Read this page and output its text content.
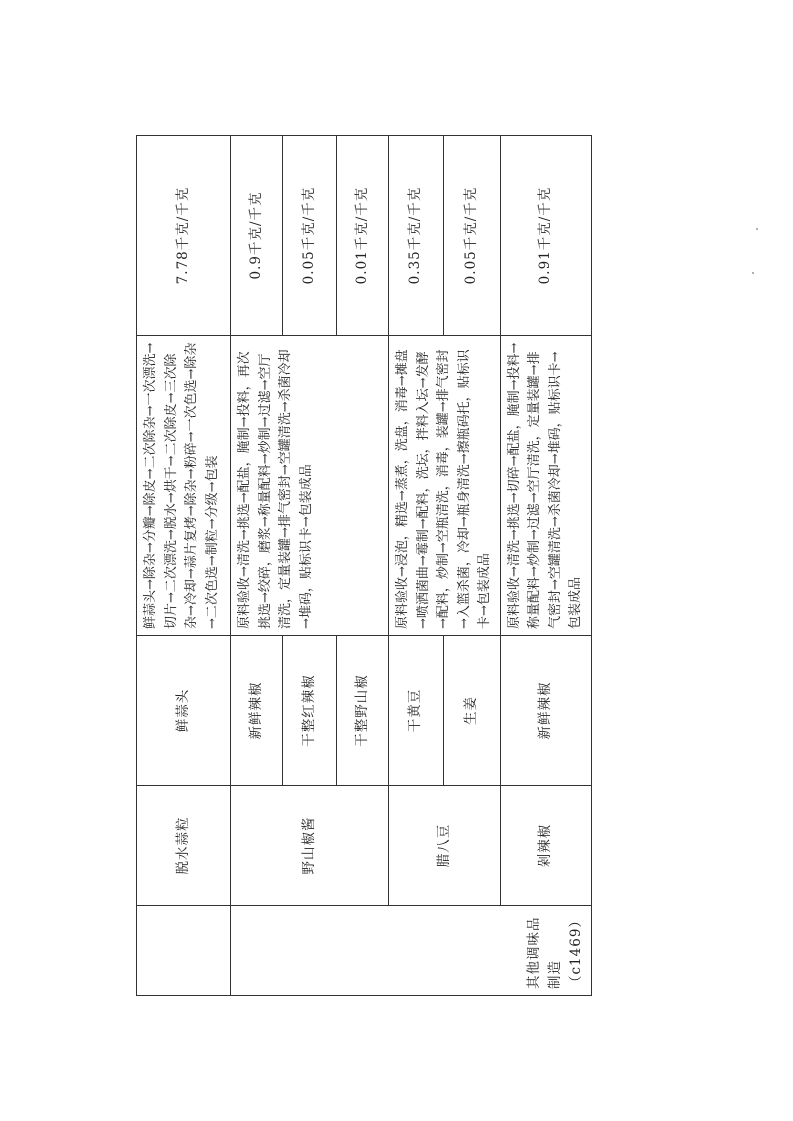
	脱水蒜粒	鲜蒜头	鲜蒜头→除杂→分瓣→除皮→二次除杂→一次漂洗→切片→二次漂洗→脱水→烘干→二次除皮→三次除杂→冷却→蒜片复烤→除杂→粉碎→一次色选→除杂→二次色选→制粒→分级→包装	7.78千克/千克
其他调味品制造（c1469）	野山椒酱	新鲜辣椒	原料验收→清洗→挑选→配盐，腌制→投料，再次挑选→绞碎，磨浆→称量配料→炒制→过滤→空厅清洗，定量装罐→排气密封→空罐清洗→杀菌冷却→堆码，贴标识卡→包装成品	0.9千克/千克
		干整红辣椒		0.05千克/千克
		干整野山椒		0.01千克/千克
	腊八豆	干黄豆	原料验收→浸泡，精选→蒸煮，洗盘，消毒→摊盘→喷洒菌曲→霉制→配料，洗坛，拌料入坛→发酵→配料，炒制→空瓶清洗，消毒，装罐→排气密封→入篮杀菌，冷却→瓶身清洗→擦瓶码托，贴标识卡→包装成品	0.35千克/千克
		生姜		0.05千克/千克
	剁辣椒	新鲜辣椒	原料验收→清洗→挑选→切碎→配盐，腌制→投料→称量配料→炒制→过滤→空厅清洗，定量装罐→排气密封→空罐清洗→杀菌冷却→堆码，贴标识卡→包装成品	0.91千克/千克
